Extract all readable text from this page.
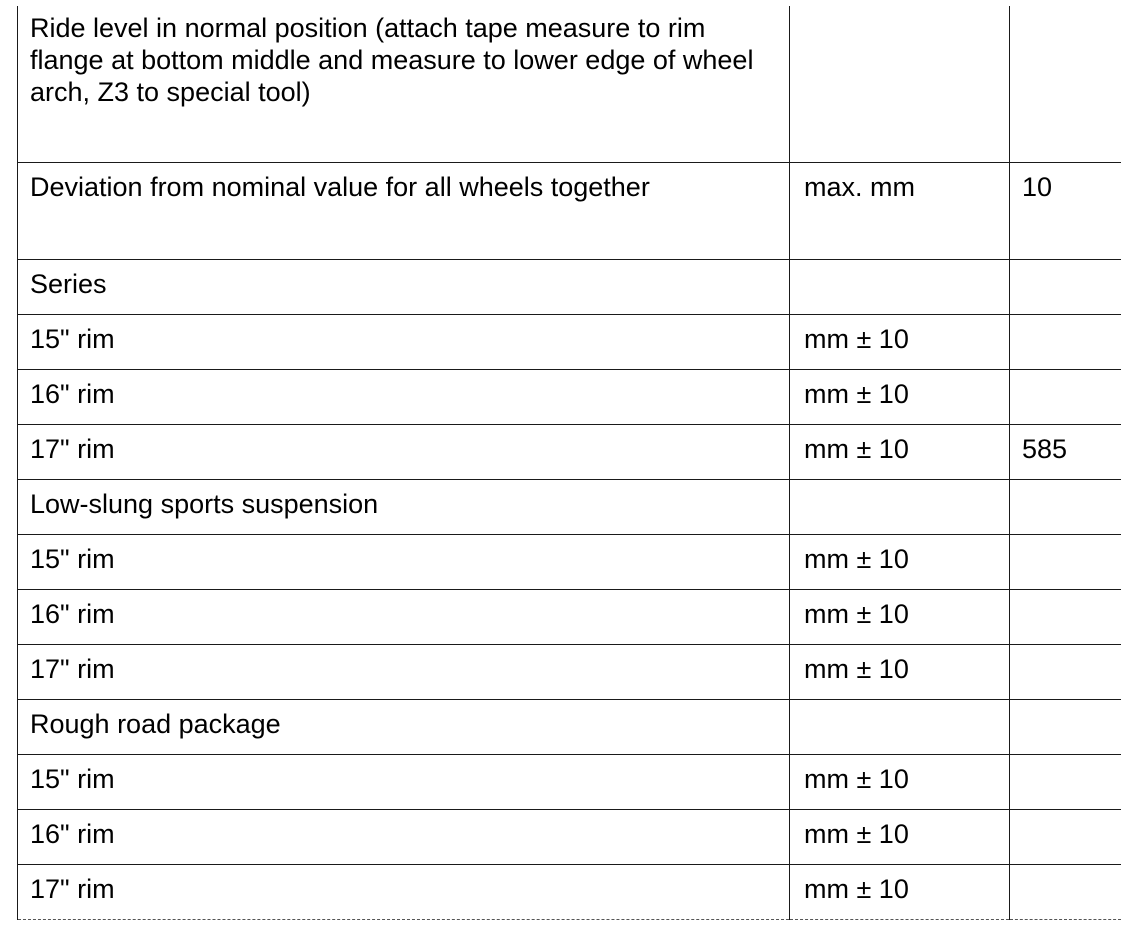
Ride level in normal position (attach tape measure to rim flange at bottom middle and measure to lower edge of wheel arch, Z3 to special tool)		
Deviation from nominal value for all wheels together	max. mm	10
Series		
15" rim	mm ± 10	
16" rim	mm ± 10	
17" rim	mm ± 10	585
Low-slung sports suspension		
15" rim	mm ± 10	
16" rim	mm ± 10	
17" rim	mm ± 10	
Rough road package		
15" rim	mm ± 10	
16" rim	mm ± 10	
17" rim	mm ± 10	
